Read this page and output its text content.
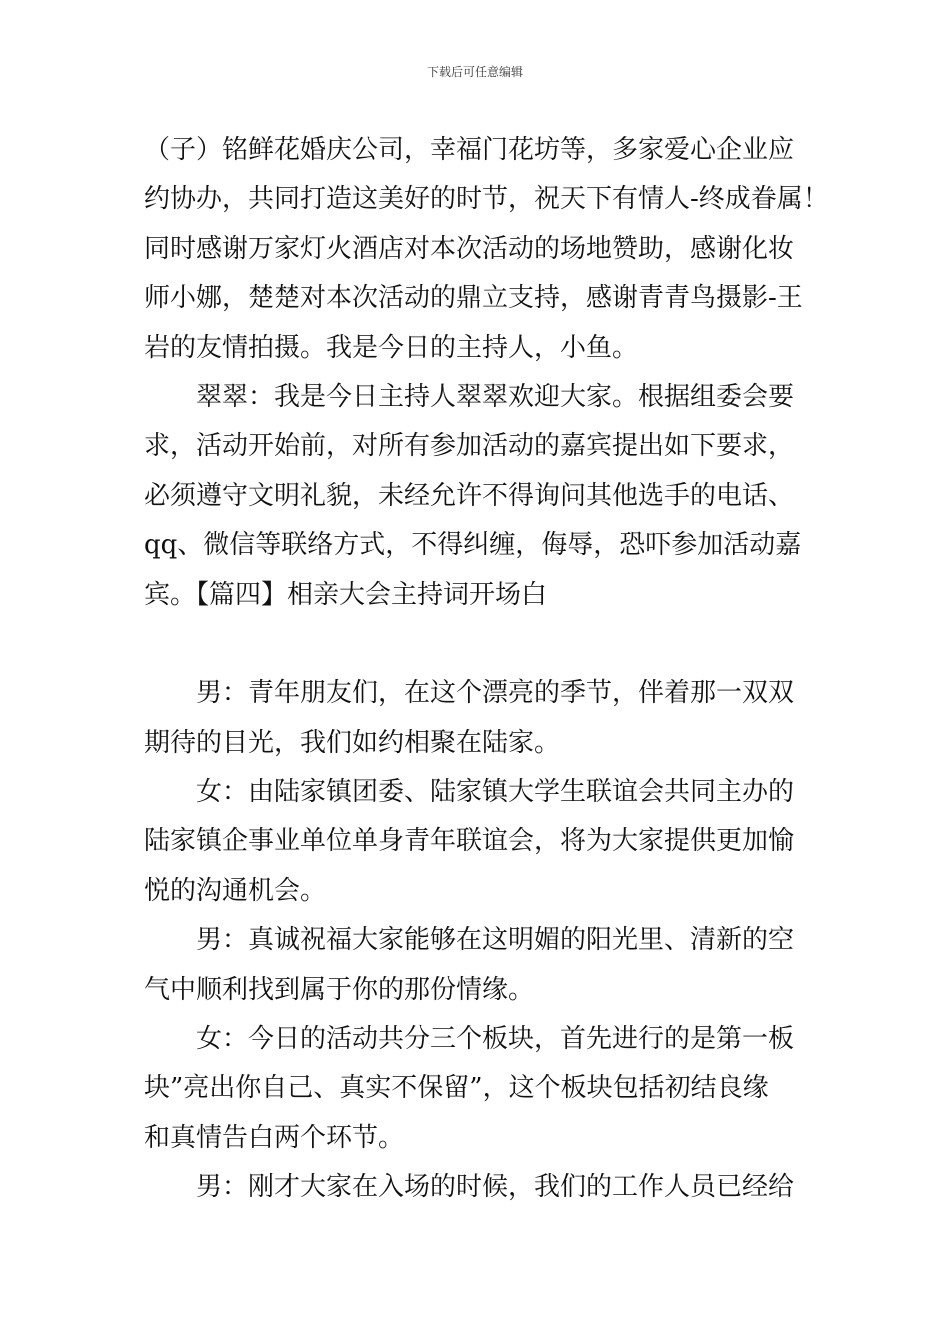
下载后可任意编辑
（子）铭鲜花婚庆公司，幸福门花坊等，多家爱心企业应
约协办，共同打造这美好的时节，祝天下有情人-终成眷属！
同时感谢万家灯火酒店对本次活动的场地赞助，感谢化妆
师小娜，楚楚对本次活动的鼎立支持，感谢青青鸟摄影-王
岩的友情拍摄。我是今日的主持人，小鱼。
　　翠翠：我是今日主持人翠翠欢迎大家。根据组委会要
求，活动开始前，对所有参加活动的嘉宾提出如下要求，
必须遵守文明礼貌，未经允许不得询问其他选手的电话、
qq、微信等联络方式，不得纠缠，侮辱，恐吓参加活动嘉
宾。【篇四】相亲大会主持词开场白
　　男：青年朋友们，在这个漂亮的季节，伴着那一双双
期待的目光，我们如约相聚在陆家。
　　女：由陆家镇团委、陆家镇大学生联谊会共同主办的
陆家镇企事业单位单身青年联谊会，将为大家提供更加愉
悦的沟通机会。
　　男：真诚祝福大家能够在这明媚的阳光里、清新的空
气中顺利找到属于你的那份情缘。
　　女：今日的活动共分三个板块，首先进行的是第一板
块”亮出你自己、真实不保留”，这个板块包括初结良缘
和真情告白两个环节。
　　男：刚才大家在入场的时候，我们的工作人员已经给
